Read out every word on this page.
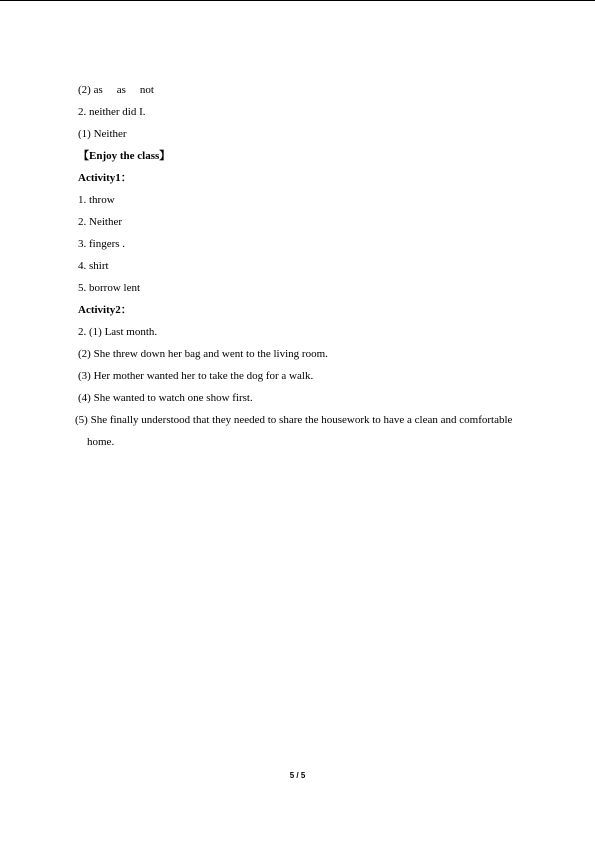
(2) as as not
2. neither did I.
(1) Neither
【Enjoy the class】
Activity1：
1. throw
2. Neither
3. fingers .
4. shirt
5. borrow lent
Activity2：
2. (1) Last month.
(2) She threw down her bag and went to the living room.
(3) Her mother wanted her to take the dog for a walk.
(4) She wanted to watch one show first.
(5) She finally understood that they needed to share the housework to have a clean and comfortable
home.
5 / 5
